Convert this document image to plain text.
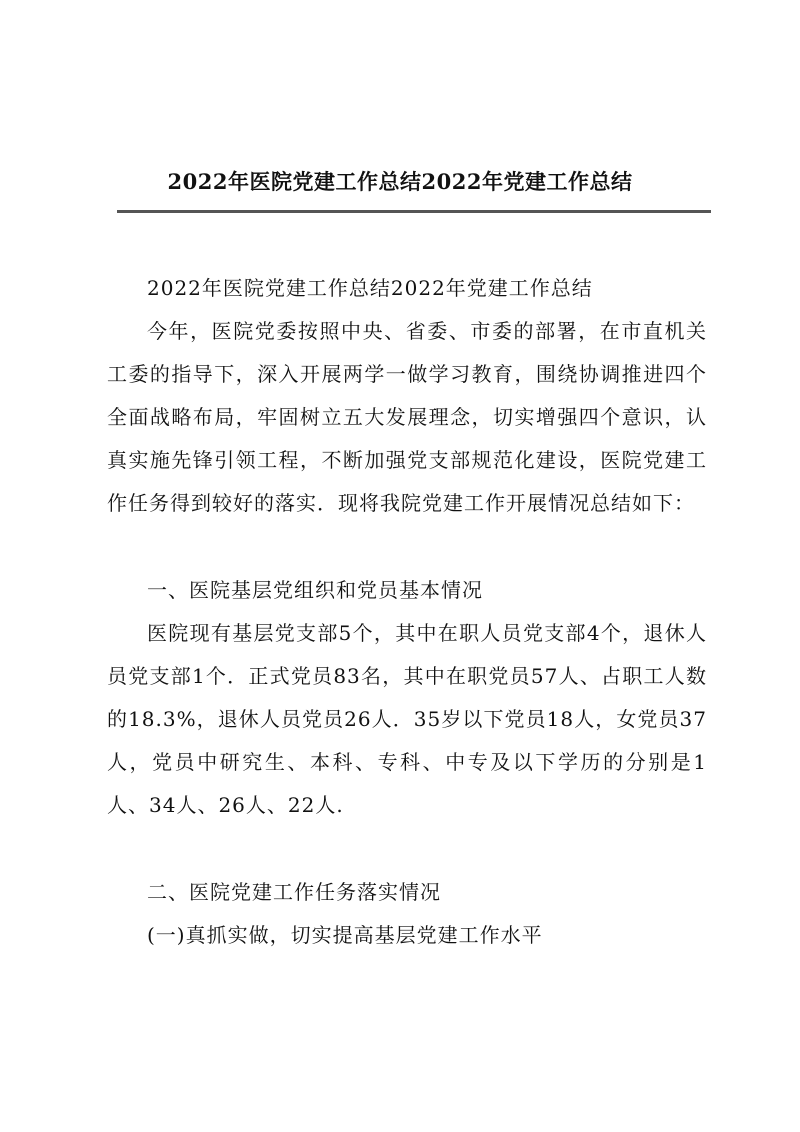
2022年医院党建工作总结2022年党建工作总结

2022年医院党建工作总结2022年党建工作总结

今年，医院党委按照中央、省委、市委的部署，在市直机关工委的指导下，深入开展两学一做学习教育，围绕协调推进四个全面战略布局，牢固树立五大发展理念，切实增强四个意识，认真实施先锋引领工程，不断加强党支部规范化建设，医院党建工作任务得到较好的落实．现将我院党建工作开展情况总结如下：

一、医院基层党组织和党员基本情况

医院现有基层党支部5个，其中在职人员党支部4个，退休人员党支部1个．正式党员83名，其中在职党员57人、占职工人数的18.3%，退休人员党员26人．35岁以下党员18人，女党员37人，党员中研究生、本科、专科、中专及以下学历的分别是1人、34人、26人、22人.

二、医院党建工作任务落实情况

(一)真抓实做，切实提高基层党建工作水平
